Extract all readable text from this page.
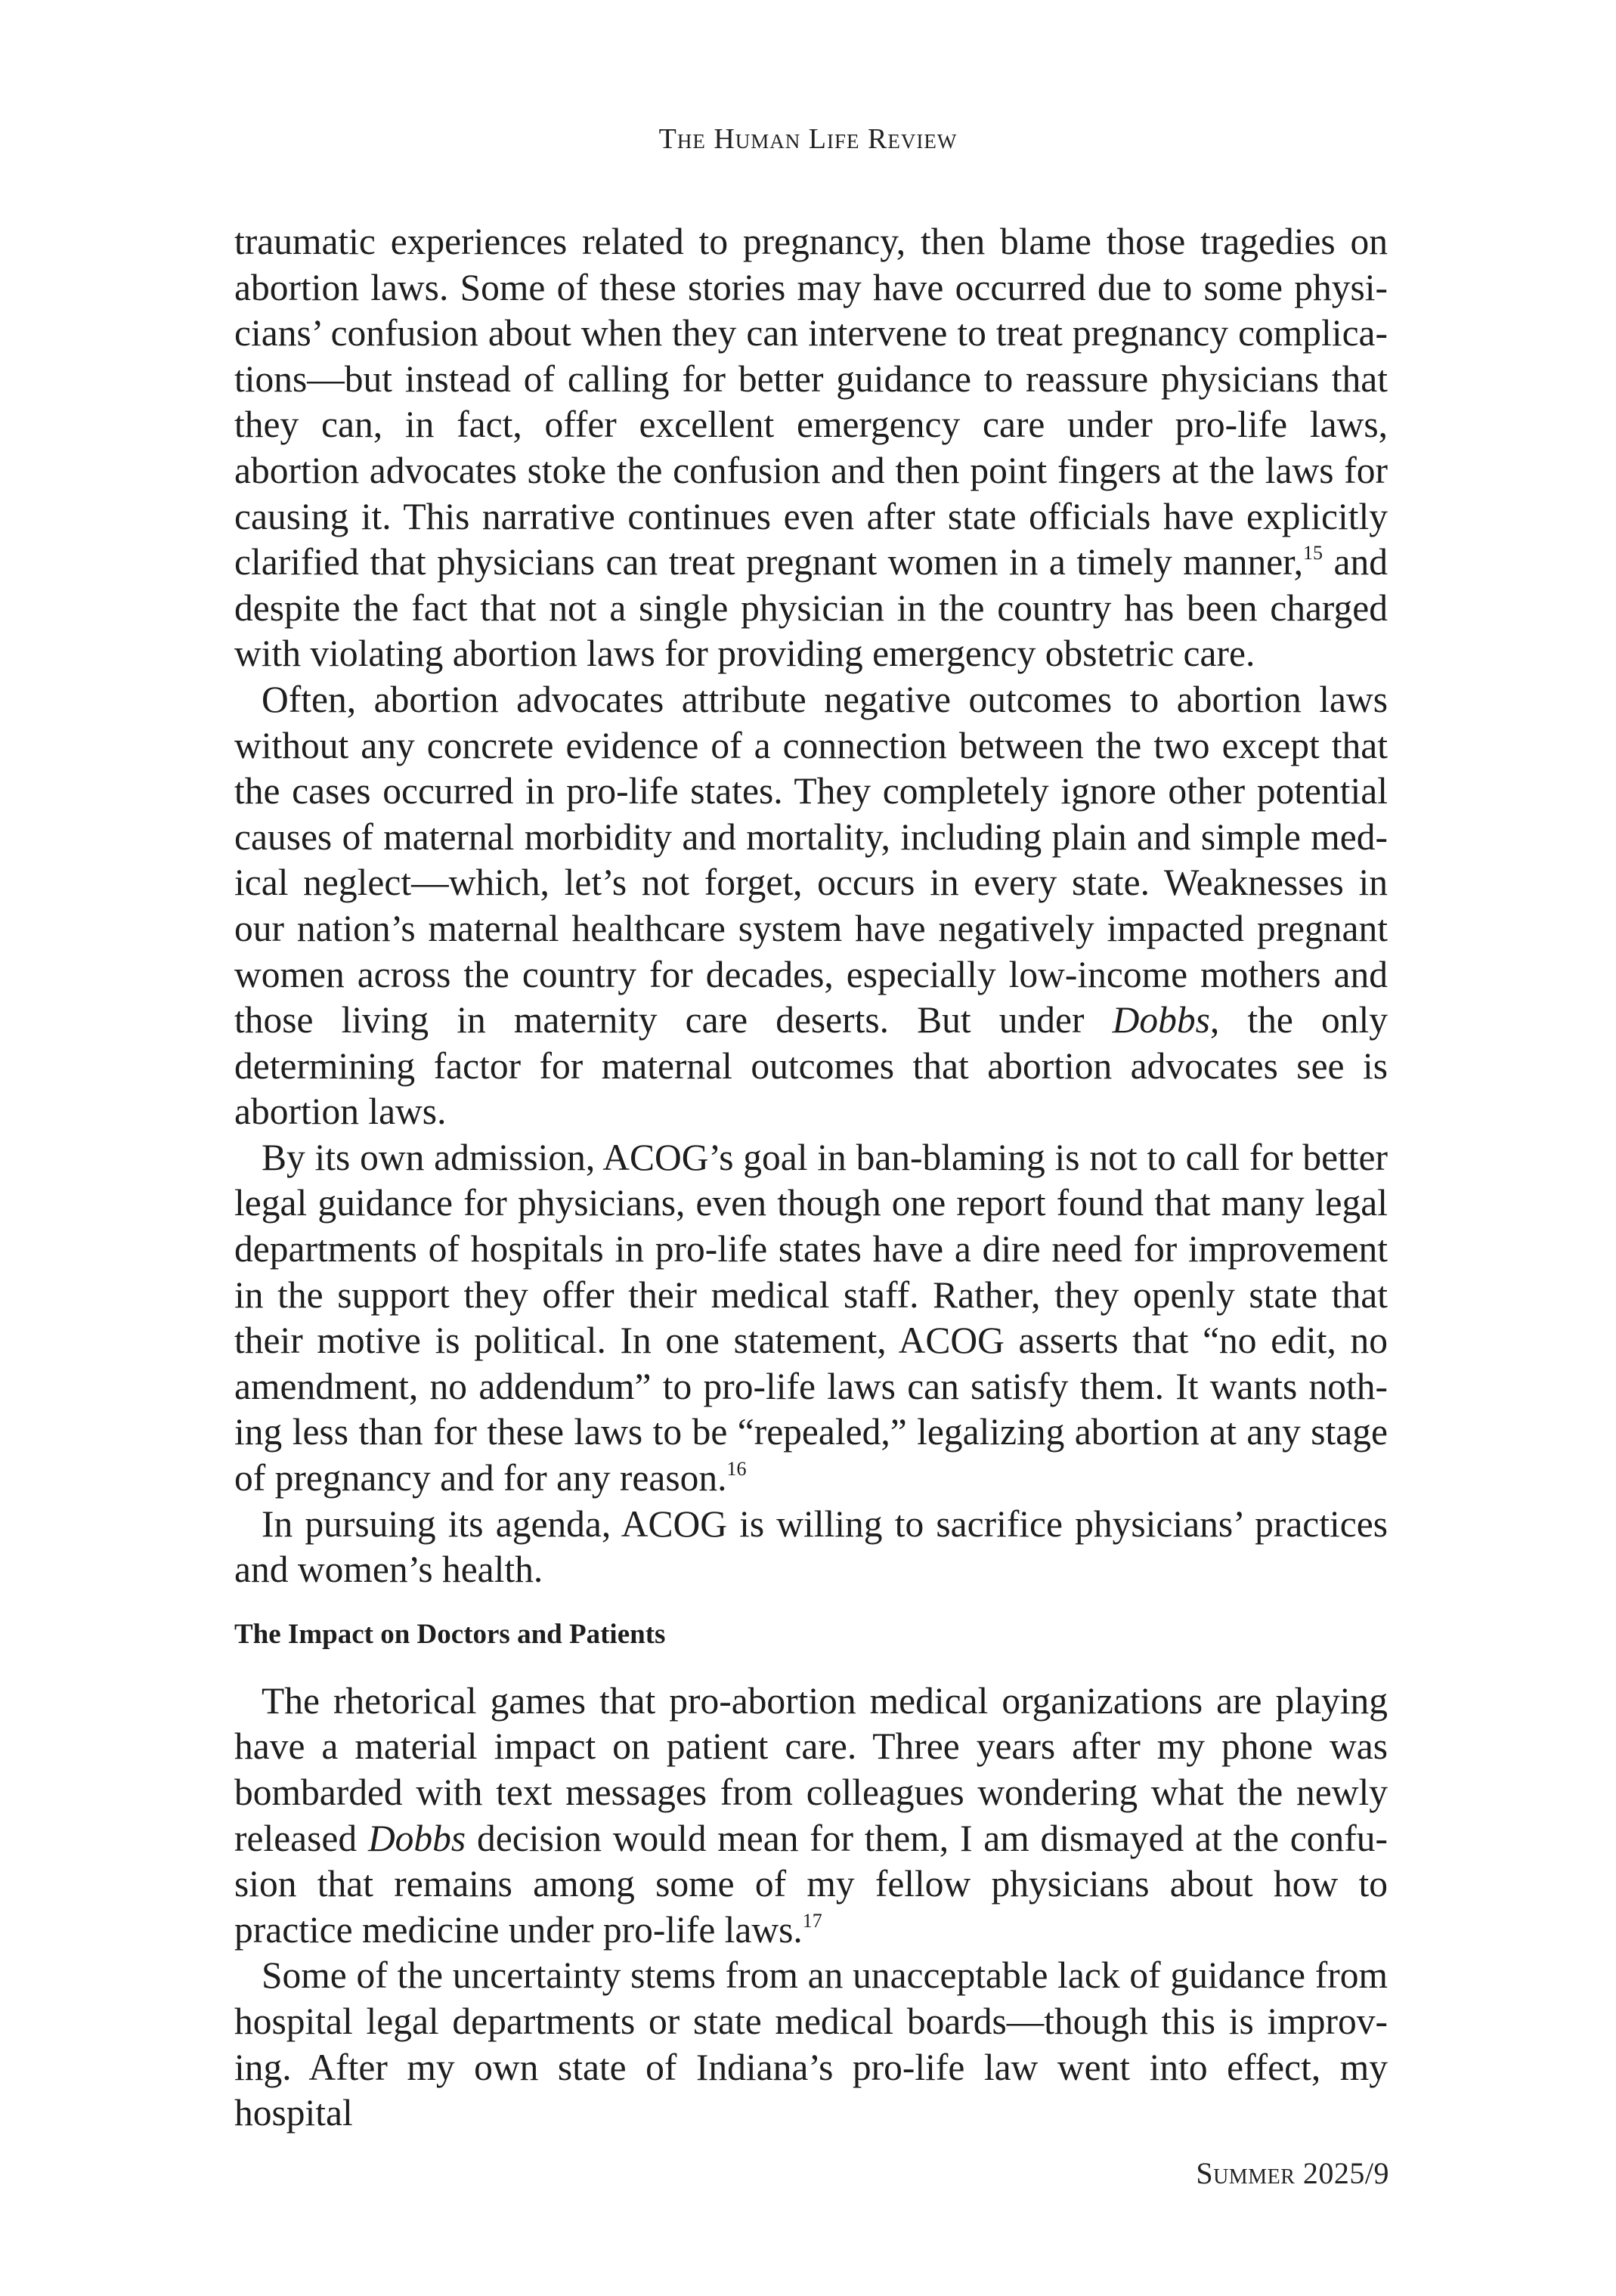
The Human Life Review

traumatic experiences related to pregnancy, then blame those tragedies on abortion laws. Some of these stories may have occurred due to some physicians’ confusion about when they can intervene to treat pregnancy complications—but instead of calling for better guidance to reassure physicians that they can, in fact, offer excellent emergency care under pro-life laws, abortion advocates stoke the confusion and then point fingers at the laws for causing it. This narrative continues even after state officials have explicitly clarified that physicians can treat pregnant women in a timely manner,$^{15}$ and despite the fact that not a single physician in the country has been charged with violating abortion laws for providing emergency obstetric care.

Often, abortion advocates attribute negative outcomes to abortion laws without any concrete evidence of a connection between the two except that the cases occurred in pro-life states. They completely ignore other potential causes of maternal morbidity and mortality, including plain and simple medical neglect—which, let’s not forget, occurs in every state. Weaknesses in our nation’s maternal healthcare system have negatively impacted pregnant women across the country for decades, especially low-income mothers and those living in maternity care deserts. But under Dobbs, the only determining factor for maternal outcomes that abortion advocates see is abortion laws.

By its own admission, ACOG’s goal in ban-blaming is not to call for better legal guidance for physicians, even though one report found that many legal departments of hospitals in pro-life states have a dire need for improvement in the support they offer their medical staff. Rather, they openly state that their motive is political. In one statement, ACOG asserts that “no edit, no amendment, no addendum” to pro-life laws can satisfy them. It wants nothing less than for these laws to be “repealed,” legalizing abortion at any stage of pregnancy and for any reason.$^{16}$

In pursuing its agenda, ACOG is willing to sacrifice physicians’ practices and women’s health.

The Impact on Doctors and Patients

The rhetorical games that pro-abortion medical organizations are playing have a material impact on patient care. Three years after my phone was bombarded with text messages from colleagues wondering what the newly released Dobbs decision would mean for them, I am dismayed at the confusion that remains among some of my fellow physicians about how to practice medicine under pro-life laws.$^{17}$

Some of the uncertainty stems from an unacceptable lack of guidance from hospital legal departments or state medical boards—though this is improving. After my own state of Indiana’s pro-life law went into effect, my hospital

Summer 2025/9
